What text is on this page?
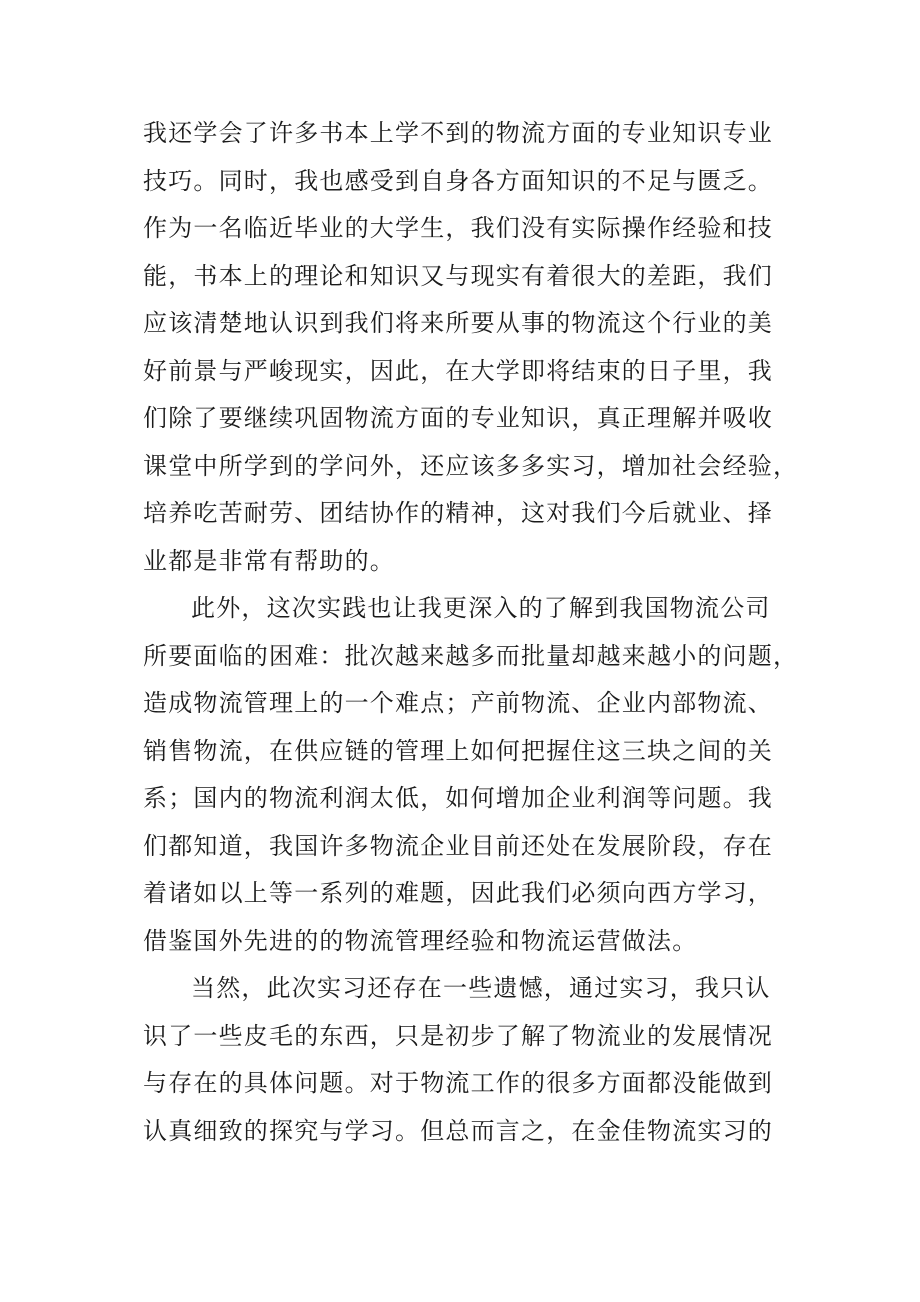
我还学会了许多书本上学不到的物流方面的专业知识专业
技巧。同时，我也感受到自身各方面知识的不足与匮乏。
作为一名临近毕业的大学生，我们没有实际操作经验和技
能，书本上的理论和知识又与现实有着很大的差距，我们
应该清楚地认识到我们将来所要从事的物流这个行业的美
好前景与严峻现实，因此，在大学即将结束的日子里，我
们除了要继续巩固物流方面的专业知识，真正理解并吸收
课堂中所学到的学问外，还应该多多实习，增加社会经验，
培养吃苦耐劳、团结协作的精神，这对我们今后就业、择
业都是非常有帮助的。
此外，这次实践也让我更深入的了解到我国物流公司
所要面临的困难：批次越来越多而批量却越来越小的问题，
造成物流管理上的一个难点；产前物流、企业内部物流、
销售物流，在供应链的管理上如何把握住这三块之间的关
系；国内的物流利润太低，如何增加企业利润等问题。我
们都知道，我国许多物流企业目前还处在发展阶段，存在
着诸如以上等一系列的难题，因此我们必须向西方学习，
借鉴国外先进的的物流管理经验和物流运营做法。
当然，此次实习还存在一些遗憾，通过实习，我只认
识了一些皮毛的东西，只是初步了解了物流业的发展情况
与存在的具体问题。对于物流工作的很多方面都没能做到
认真细致的探究与学习。但总而言之，在金佳物流实习的
